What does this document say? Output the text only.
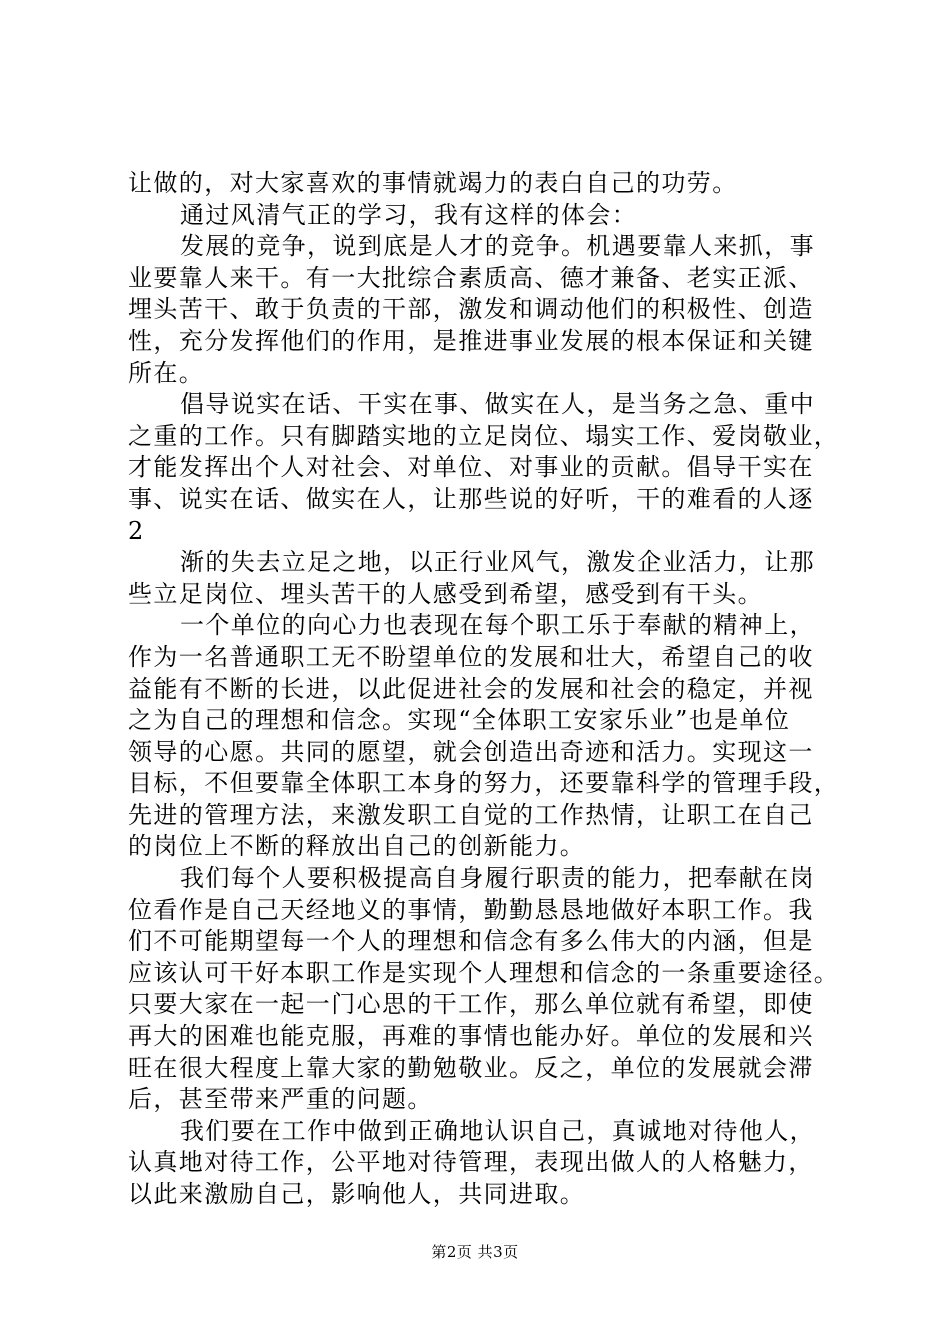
让做的，对大家喜欢的事情就竭力的表白自己的功劳。
通过风清气正的学习，我有这样的体会：
发展的竞争，说到底是人才的竞争。机遇要靠人来抓，事
业要靠人来干。有一大批综合素质高、德才兼备、老实正派、
埋头苦干、敢于负责的干部，激发和调动他们的积极性、创造
性，充分发挥他们的作用，是推进事业发展的根本保证和关键
所在。
倡导说实在话、干实在事、做实在人，是当务之急、重中
之重的工作。只有脚踏实地的立足岗位、塌实工作、爱岗敬业，
才能发挥出个人对社会、对单位、对事业的贡献。倡导干实在
事、说实在话、做实在人，让那些说的好听，干的难看的人逐
2
渐的失去立足之地，以正行业风气，激发企业活力，让那
些立足岗位、埋头苦干的人感受到希望，感受到有干头。
一个单位的向心力也表现在每个职工乐于奉献的精神上，
作为一名普通职工无不盼望单位的发展和壮大，希望自己的收
益能有不断的长进，以此促进社会的发展和社会的稳定，并视
之为自己的理想和信念。实现“全体职工安家乐业”也是单位
领导的心愿。共同的愿望，就会创造出奇迹和活力。实现这一
目标，不但要靠全体职工本身的努力，还要靠科学的管理手段，
先进的管理方法，来激发职工自觉的工作热情，让职工在自己
的岗位上不断的释放出自己的创新能力。
我们每个人要积极提高自身履行职责的能力，把奉献在岗
位看作是自己天经地义的事情，勤勤恳恳地做好本职工作。我
们不可能期望每一个人的理想和信念有多么伟大的内涵，但是
应该认可干好本职工作是实现个人理想和信念的一条重要途径。
只要大家在一起一门心思的干工作，那么单位就有希望，即使
再大的困难也能克服，再难的事情也能办好。单位的发展和兴
旺在很大程度上靠大家的勤勉敬业。反之，单位的发展就会滞
后，甚至带来严重的问题。
我们要在工作中做到正确地认识自己，真诚地对待他人，
认真地对待工作，公平地对待管理，表现出做人的人格魅力，
以此来激励自己，影响他人，共同进取。
第2页 共3页
